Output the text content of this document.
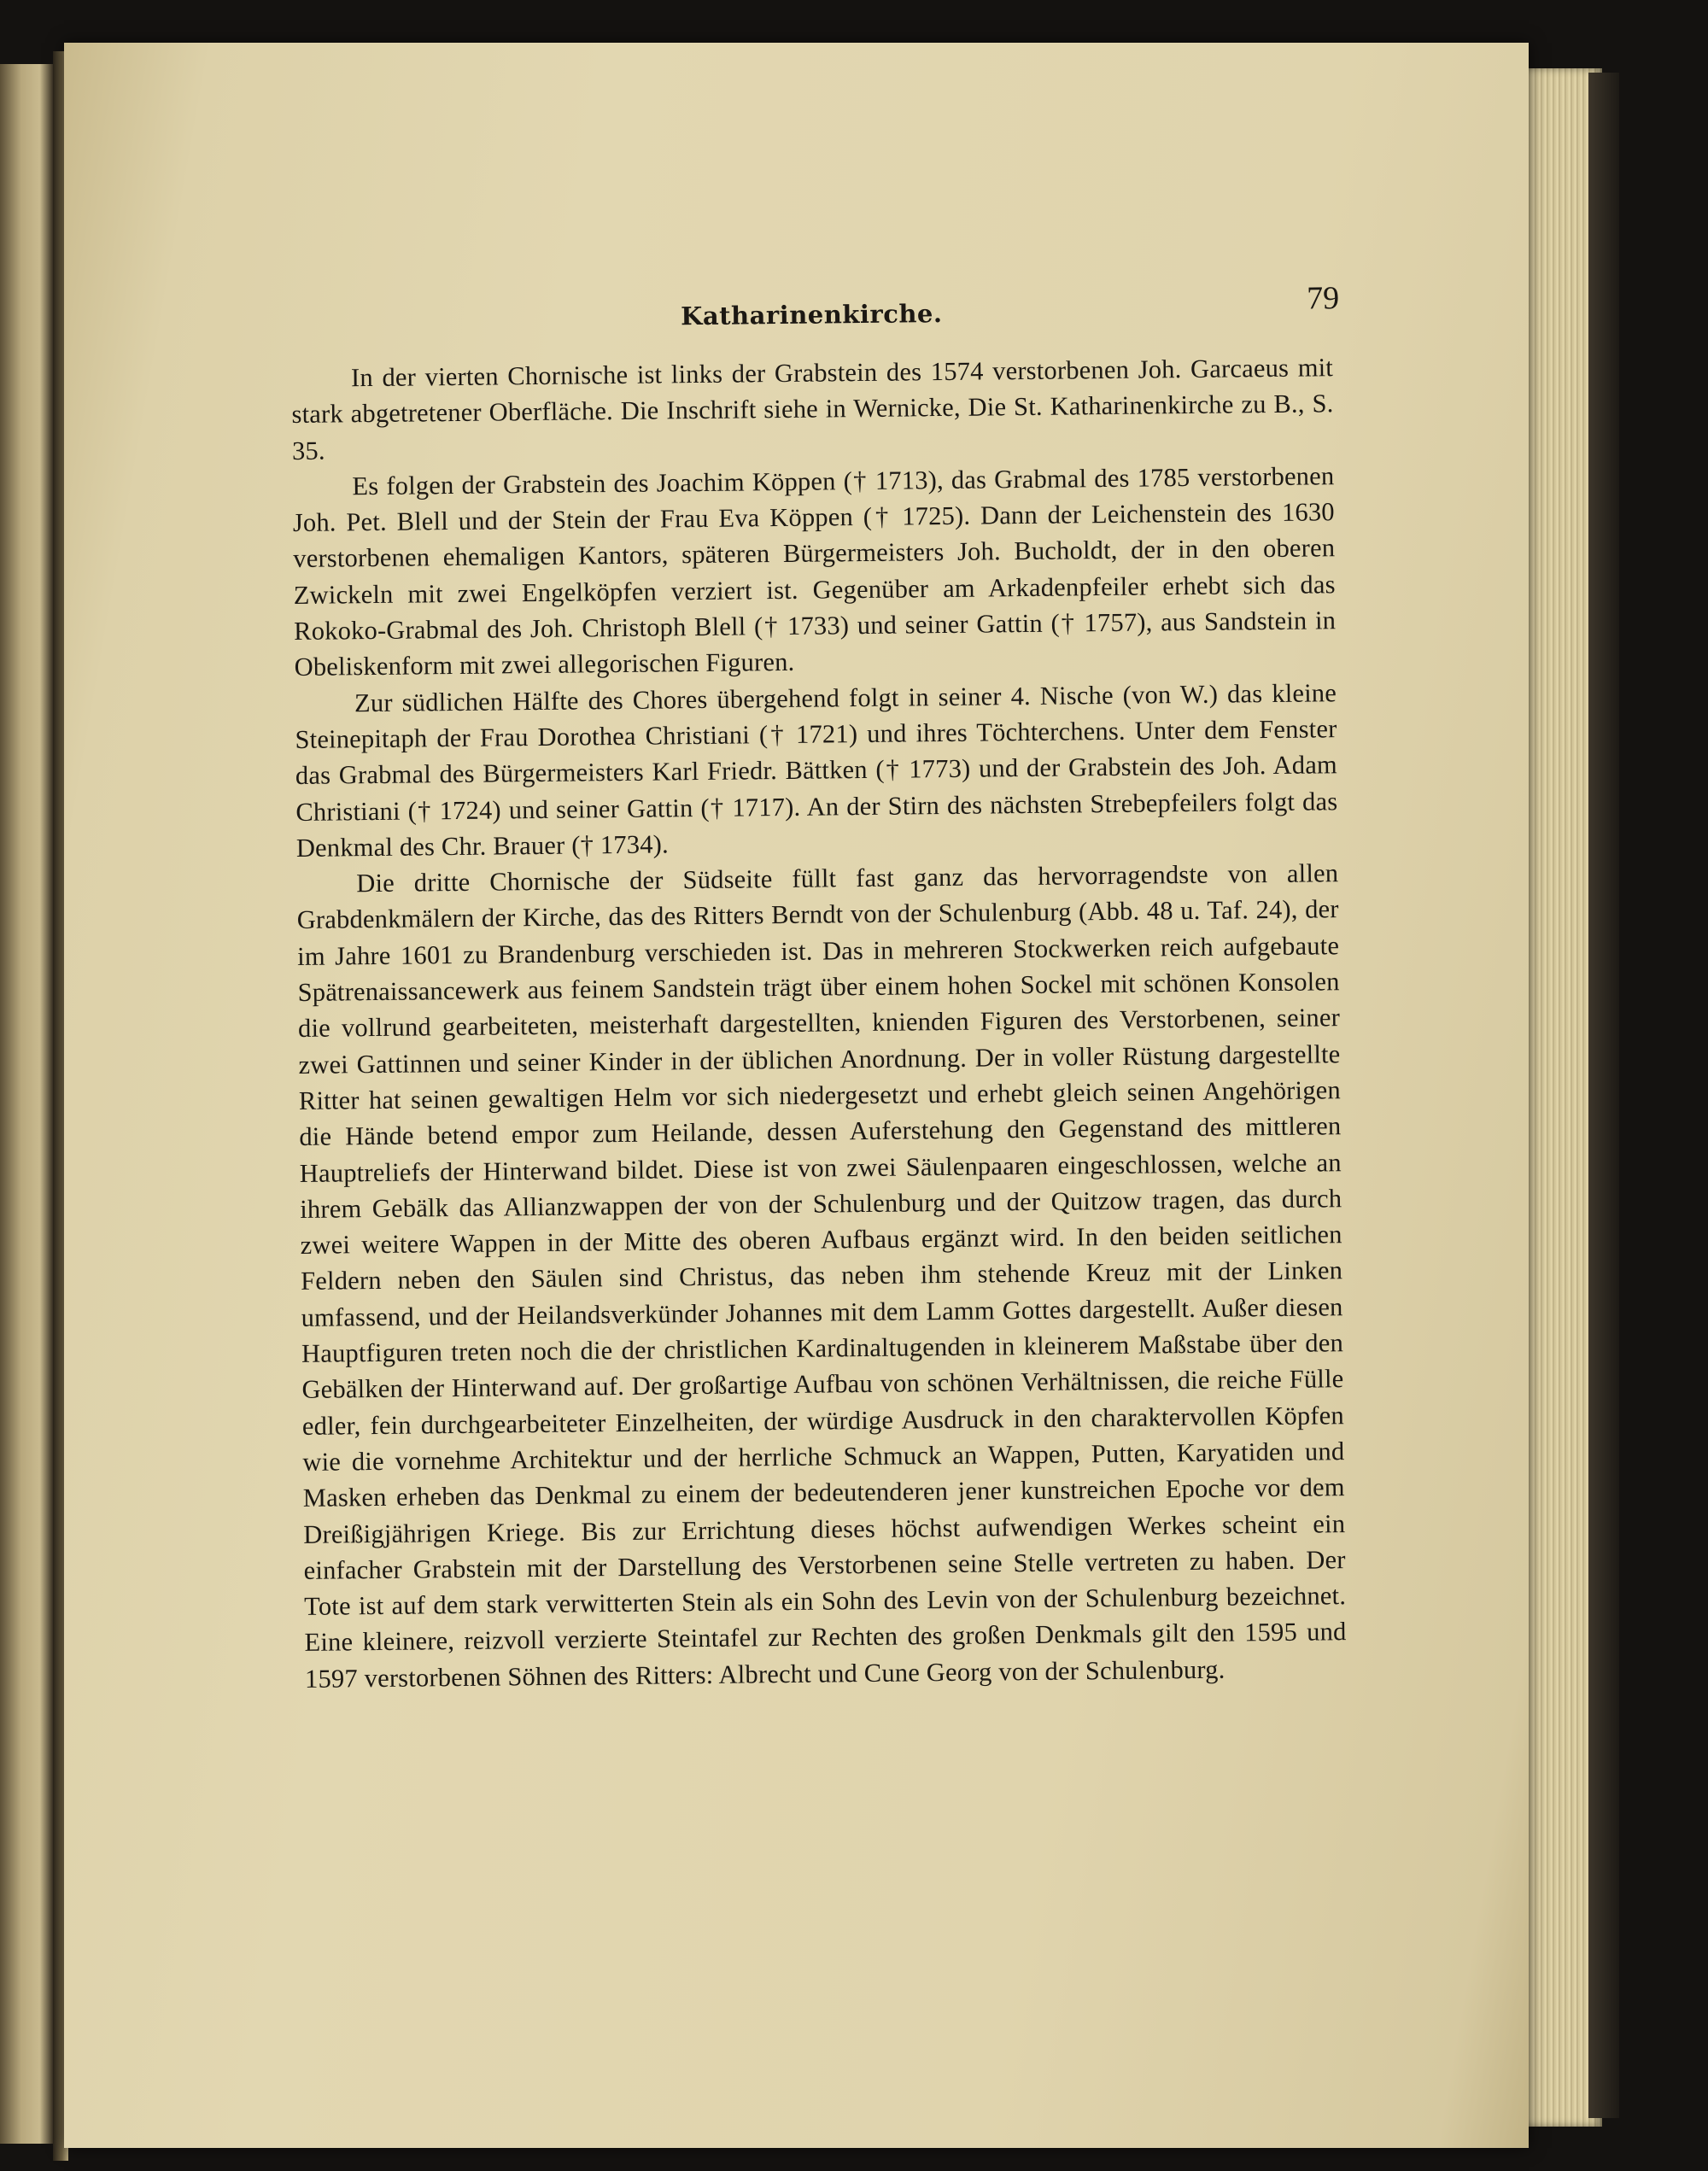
Katharinenkirche.	79

In der vierten Chornische ist links der Grabstein des 1574 verstorbenen Joh. Garcaeus mit stark abgetretener Oberfläche. Die Inschrift siehe in Wernicke, Die St. Katharinenkirche zu B., S. 35.

Es folgen der Grabstein des Joachim Köppen († 1713), das Grabmal des 1785 verstorbenen Joh. Pet. Blell und der Stein der Frau Eva Köppen († 1725). Dann der Leichenstein des 1630 verstorbenen ehemaligen Kantors, späteren Bürgermeisters Joh. Bucholdt, der in den oberen Zwickeln mit zwei Engelköpfen verziert ist. Gegenüber am Arkadenpfeiler erhebt sich das Rokoko-Grabmal des Joh. Christoph Blell († 1733) und seiner Gattin († 1757), aus Sandstein in Obeliskenform mit zwei allegorischen Figuren.

Zur südlichen Hälfte des Chores übergehend folgt in seiner 4. Nische (von W.) das kleine Steinepitaph der Frau Dorothea Christiani († 1721) und ihres Töchterchens. Unter dem Fenster das Grabmal des Bürgermeisters Karl Friedr. Bättken († 1773) und der Grabstein des Joh. Adam Christiani († 1724) und seiner Gattin († 1717). An der Stirn des nächsten Strebepfeilers folgt das Denkmal des Chr. Brauer († 1734).

Die dritte Chornische der Südseite füllt fast ganz das hervorragendste von allen Grabdenkmälern der Kirche, das des Ritters Berndt von der Schulenburg (Abb. 48 u. Taf. 24), der im Jahre 1601 zu Brandenburg verschieden ist. Das in mehreren Stockwerken reich aufgebaute Spätrenaissancewerk aus feinem Sandstein trägt über einem hohen Sockel mit schönen Konsolen die vollrund gearbeiteten, meisterhaft dargestellten, knienden Figuren des Verstorbenen, seiner zwei Gattinnen und seiner Kinder in der üblichen Anordnung. Der in voller Rüstung dargestellte Ritter hat seinen gewaltigen Helm vor sich niedergesetzt und erhebt gleich seinen Angehörigen die Hände betend empor zum Heilande, dessen Auferstehung den Gegenstand des mittleren Hauptreliefs der Hinterwand bildet. Diese ist von zwei Säulenpaaren eingeschlossen, welche an ihrem Gebälk das Allianzwappen der von der Schulenburg und der Quitzow tragen, das durch zwei weitere Wappen in der Mitte des oberen Aufbaus ergänzt wird. In den beiden seitlichen Feldern neben den Säulen sind Christus, das neben ihm stehende Kreuz mit der Linken umfassend, und der Heilandsverkünder Johannes mit dem Lamm Gottes dargestellt. Außer diesen Hauptfiguren treten noch die der christlichen Kardinaltugenden in kleinerem Maßstabe über den Gebälken der Hinterwand auf. Der großartige Aufbau von schönen Verhältnissen, die reiche Fülle edler, fein durchgearbeiteter Einzelheiten, der würdige Ausdruck in den charaktervollen Köpfen wie die vornehme Architektur und der herrliche Schmuck an Wappen, Putten, Karyatiden und Masken erheben das Denkmal zu einem der bedeutenderen jener kunstreichen Epoche vor dem Dreißigjährigen Kriege. Bis zur Errichtung dieses höchst aufwendigen Werkes scheint ein einfacher Grabstein mit der Darstellung des Verstorbenen seine Stelle vertreten zu haben. Der Tote ist auf dem stark verwitterten Stein als ein Sohn des Levin von der Schulenburg bezeichnet. Eine kleinere, reizvoll verzierte Steintafel zur Rechten des großen Denkmals gilt den 1595 und 1597 verstorbenen Söhnen des Ritters: Albrecht und Cune Georg von der Schulenburg.
